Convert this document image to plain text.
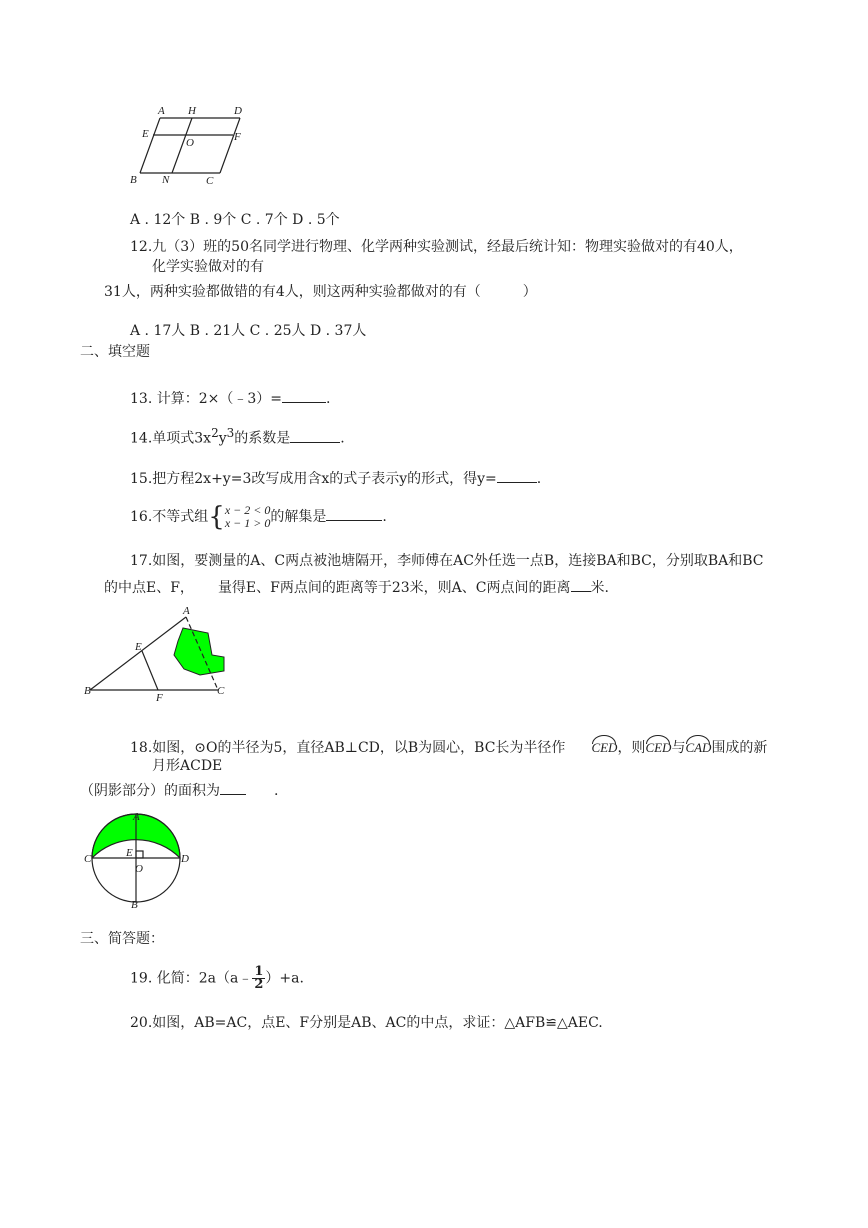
A H	D
E	F
O
B N	C
A . 12个 B . 9个 C . 7个 D . 5个
12.九（3）班的50名同学进行物理、化学两种实验测试，经最后统计知：物理实验做对的有40人，
化学实验做对的有
31人，两种实验都做错的有4人，则这两种实验都做对的有（　　　）
A . 17人 B . 21人 C . 25人 D . 37人
二、填空题
13. 计算：2×（﹣3）=	.
14.单项式$3x^2y^3$的系数是	.
15.把方程2x+y=3改写成用含x的式子表示y的形式，得y=	.
16.不等式组{ x − 2 < 0
x − 1 > 0 的解集是	.
17.如图，要测量的A、C两点被池塘隔开，李师傅在AC外任选一点B，连接BA和BC，分别取BA和BC
的中点E、F， 量得E、F两点间的距离等于23米，则A、C两点间的距离 米.
A
E
B
F
C
18.如图，⊙O的半径为5，直径AB⊥CD，以B为圆心，BC长为半径作 CED，则CED与CAD围成的新
月形ACDE
（阴影部分）的面积为	.
A
C	E	D
O
B
三、简答题：
19. 化简：2a（a﹣ $\frac{1}{2} )+a$.
20.如图，AB=AC，点E、F分别是AB、AC的中点，求证：△AFB≌△AEC.
